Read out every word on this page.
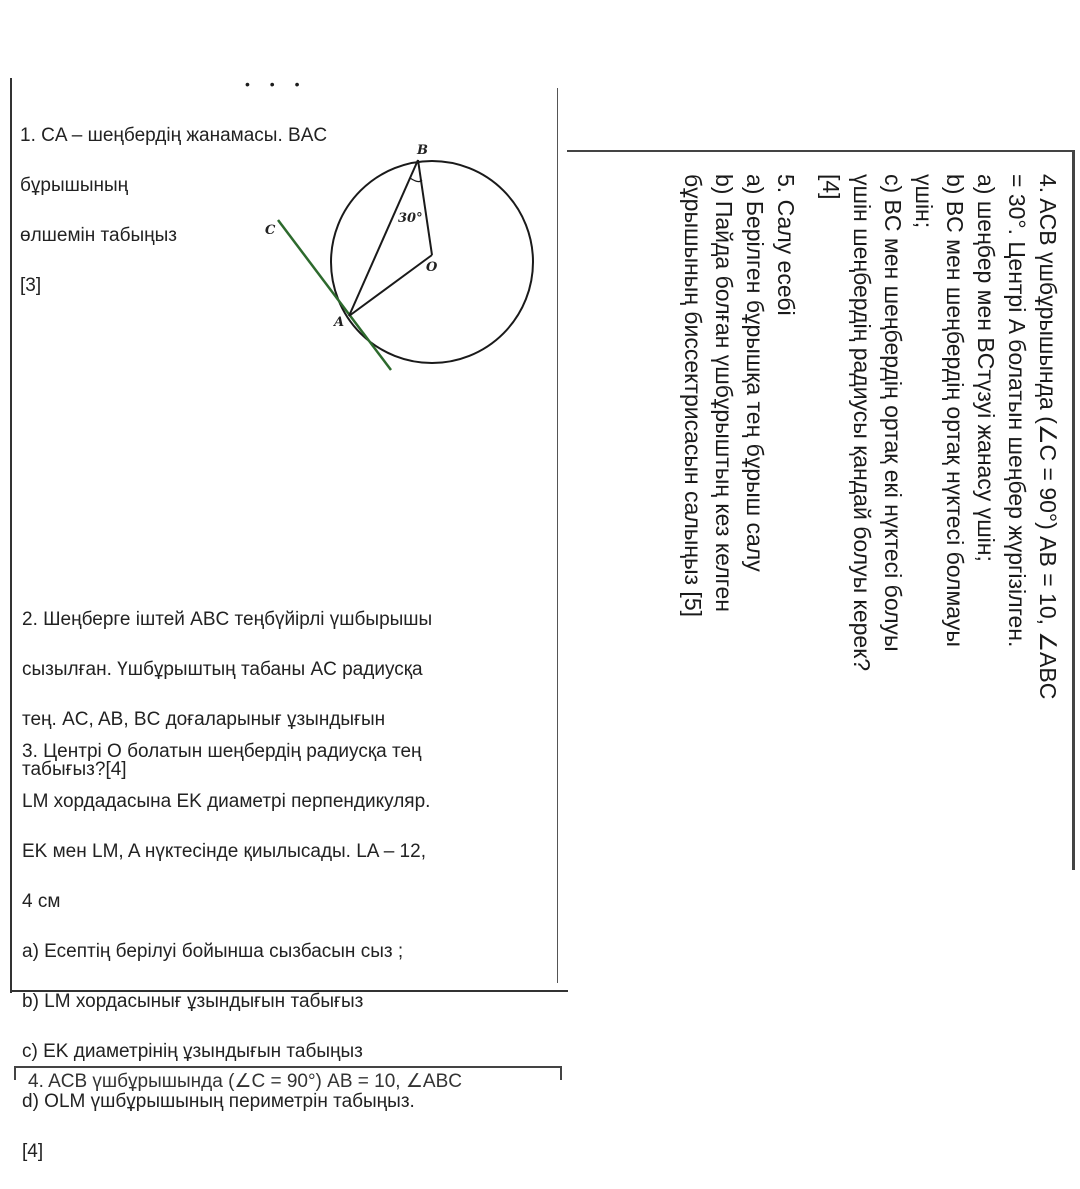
• • •

1. CA – шеңбердің жанамасы. BAC

бұрышының

өлшемін табыңыз

[3]

B
C
A
O
30°

2. Шеңберге іштей ABC теңбүйірлі үшбырышы

сызылған. Үшбұрыштың табаны AC радиусқа

тең. AC, AB, BC доғаларынығ ұзындығын

табығыз?[4]

3. Центрі О болатын шеңбердің радиусқа тең

LM хордадасына EK диаметрі перпендикуляр.

EK мен LM, A нүктесінде қиылысады. LA – 12,

4 см

a) Есептің берілуі бойынша сызбасын сыз ;

b) LM хордасынығ ұзындығын табығыз

c) EK диаметрінің ұзындығын табыңыз

d) OLM үшбұрышының периметрін табыңыз.

[4]

4. ACB үшбұрышында (∠C = 90°) AB = 10, ∠ABC
= 30°. Центрі A болатын шеңбер жүргізілген.
a) шеңбер мен BCтүзуі жанасу үшін;
b) BC мен шеңбердің ортақ нүктесі болмауы
үшін;
c) BC мен шеңбердің ортақ екі нүктесі болуы
үшін шеңбердің радиусы қандай болуы керек?
[4]
5. Салу есебі
a) Берілген бұрышқа тең бұрыш салу
b) Пайда болған үшбұрыштың кез келген
бұрышының биссектрисасын салыңыз [5]
4. ACB үшбұрышында (∠C = 90°) AB = 10, ∠ABC
